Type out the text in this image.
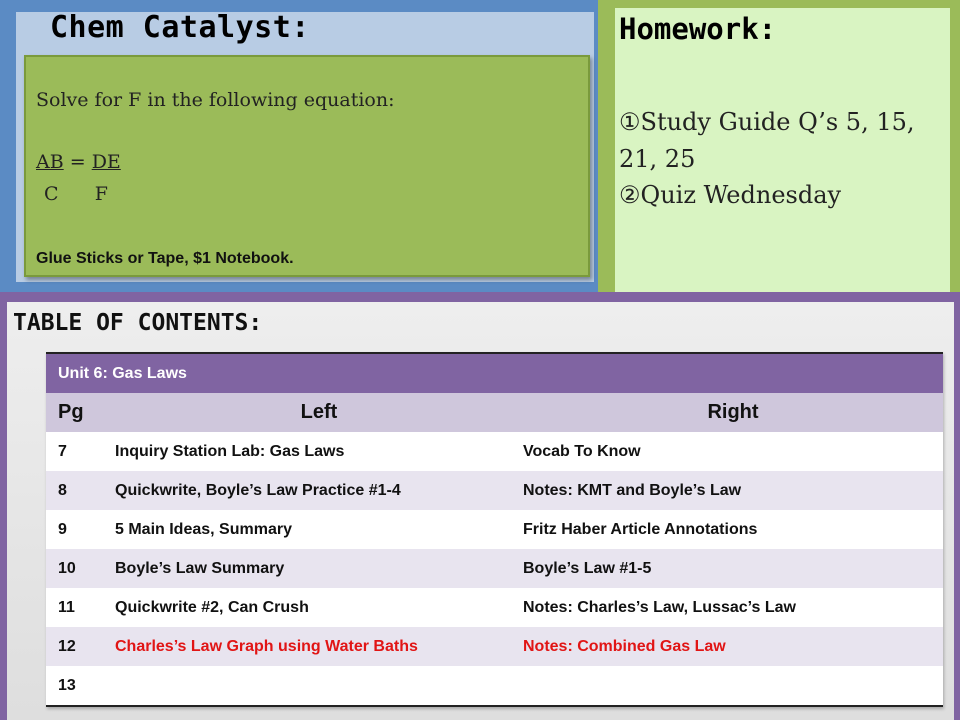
Chem Catalyst:
Solve for F in the following equation:
AB = DE
C F
Glue Sticks or Tape, $1 Notebook.
Homework:
①Study Guide Q’s 5, 15, 21, 25
②Quiz Wednesday
TABLE OF CONTENTS:
Unit 6: Gas Laws
Pg	Left	Right
7	Inquiry Station Lab: Gas Laws	Vocab To Know
8	Quickwrite, Boyle’s Law Practice #1-4	Notes: KMT and Boyle’s Law
9	5 Main Ideas, Summary	Fritz Haber Article Annotations
10	Boyle’s Law Summary	Boyle’s Law #1-5
11	Quickwrite #2, Can Crush	Notes: Charles’s Law, Lussac’s Law
12	Charles’s Law Graph using Water Baths	Notes: Combined Gas Law
13
